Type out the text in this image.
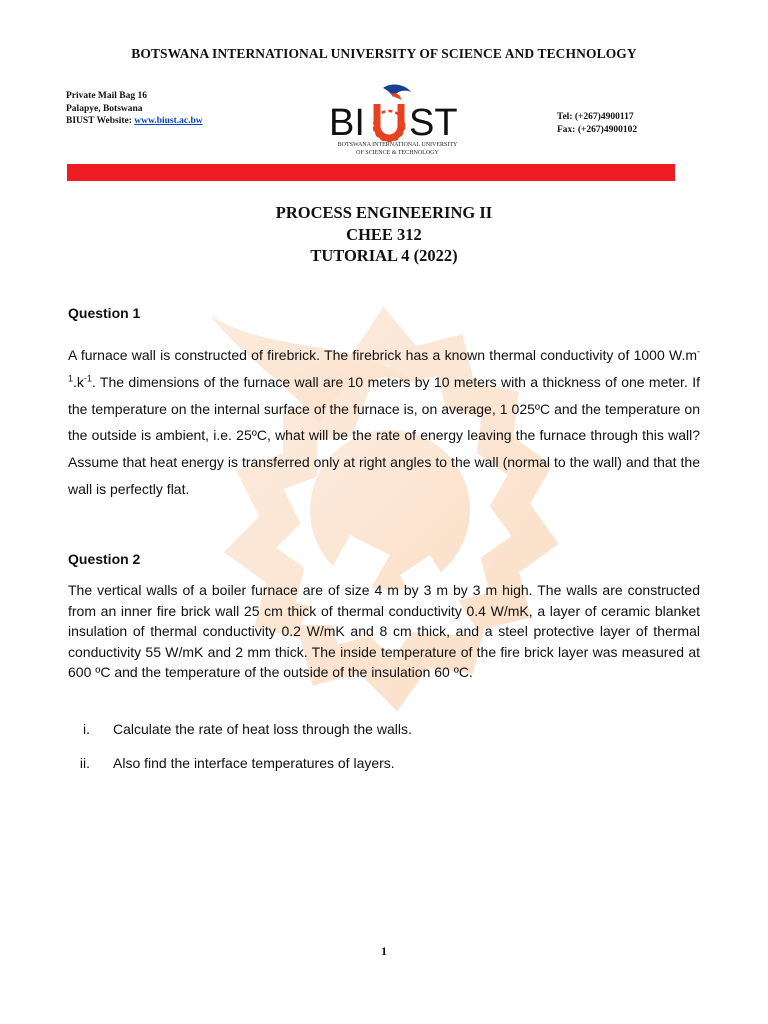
BOTSWANA INTERNATIONAL UNIVERSITY OF SCIENCE AND TECHNOLOGY
Private Mail Bag 16
Palapye, Botswana
BIUST Website: www.biust.ac.bw	BI ST
BOTSWANA INTERNATIONAL UNIVERSITY
OF SCIENCE & TECHNOLOGY
Tel: (+267)4900117
Fax: (+267)4900102
PROCESS ENGINEERING II
CHEE 312
TUTORIAL 4 (2022)
Question 1
A furnace wall is constructed of firebrick. The firebrick has a known thermal conductivity of 1000 $W.m^{-1}.k^{-1}$. The dimensions of the furnace wall are 10 meters by 10 meters with a thickness of one meter. If the temperature on the internal surface of the furnace is, on average, 1 025ºC and the temperature on the outside is ambient, i.e. 25ºC, what will be the rate of energy leaving the furnace through this wall? Assume that heat energy is transferred only at right angles to the wall (normal to the wall) and that the wall is perfectly flat.
Question 2
The vertical walls of a boiler furnace are of size 4 m by 3 m by 3 m high. The walls are constructed from an inner fire brick wall 25 cm thick of thermal conductivity 0.4 W/mK, a layer of ceramic blanket insulation of thermal conductivity 0.2 W/mK and 8 cm thick, and a steel protective layer of thermal conductivity 55 W/mK and 2 mm thick. The inside temperature of the fire brick layer was measured at 600 ºC and the temperature of the outside of the insulation 60 ºC.
i. Calculate the rate of heat loss through the walls.
ii. Also find the interface temperatures of layers.
1
